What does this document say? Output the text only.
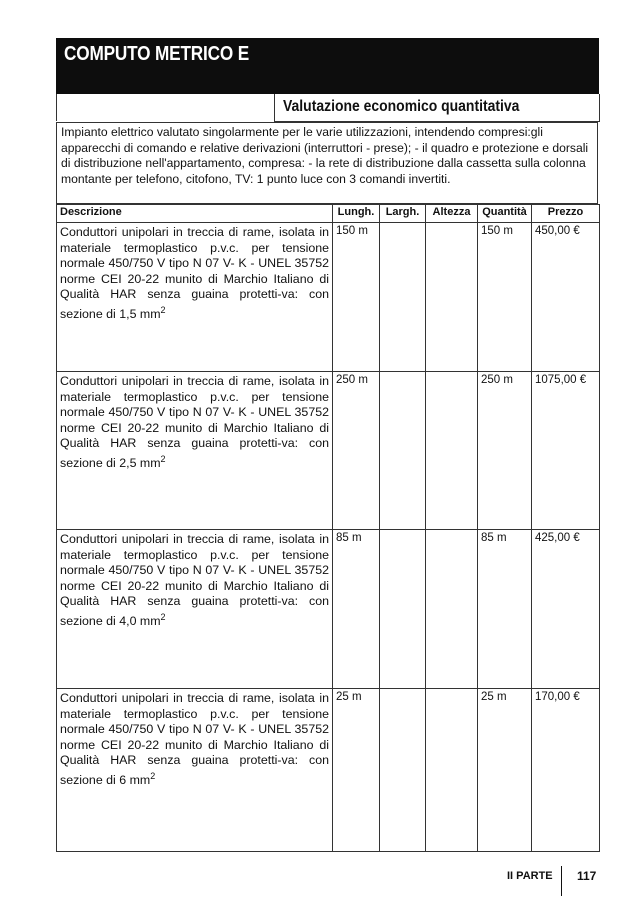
COMPUTO METRICO E
Valutazione economico quantitativa
Impianto elettrico valutato singolarmente per le varie utilizzazioni, intendendo compresi:gli apparecchi di comando e relative derivazioni (interruttori - prese); - il quadro e protezione e dorsali di distribuzione nell'appartamento, compresa: - la rete di distribuzione dalla cassetta sulla colonna montante per telefono, citofono, TV: 1 punto luce con 3 comandi invertiti.
Descrizione	Lungh.	Largh.	Altezza	Quantità	Prezzo

Conduttori unipolari in treccia di rame, isolata in materiale termoplastico p.v.c. per tensione normale 450/750 V tipo N 07 V- K - UNEL 35752 norme CEI 20-22 munito di Marchio Italiano di Qualità HAR senza guaina protetti-va: con sezione di 1,5 $mm^2$	150 m			150 m	450,00 €

Conduttori unipolari in treccia di rame, isolata in materiale termoplastico p.v.c. per tensione normale 450/750 V tipo N 07 V- K - UNEL 35752 norme CEI 20-22 munito di Marchio Italiano di Qualità HAR senza guaina protetti-va: con sezione di 2,5 $mm^2$	250 m			250 m	1075,00 €

Conduttori unipolari in treccia di rame, isolata in materiale termoplastico p.v.c. per tensione normale 450/750 V tipo N 07 V- K - UNEL 35752 norme CEI 20-22 munito di Marchio Italiano di Qualità HAR senza guaina protetti-va: con sezione di 4,0 $mm^2$	85 m			85 m	425,00 €

Conduttori unipolari in treccia di rame, isolata in materiale termoplastico p.v.c. per tensione normale 450/750 V tipo N 07 V- K - UNEL 35752 norme CEI 20-22 munito di Marchio Italiano di Qualità HAR senza guaina protetti-va: con sezione di 6 $mm^2$	25 m			25 m	170,00 €
II PARTE 117
